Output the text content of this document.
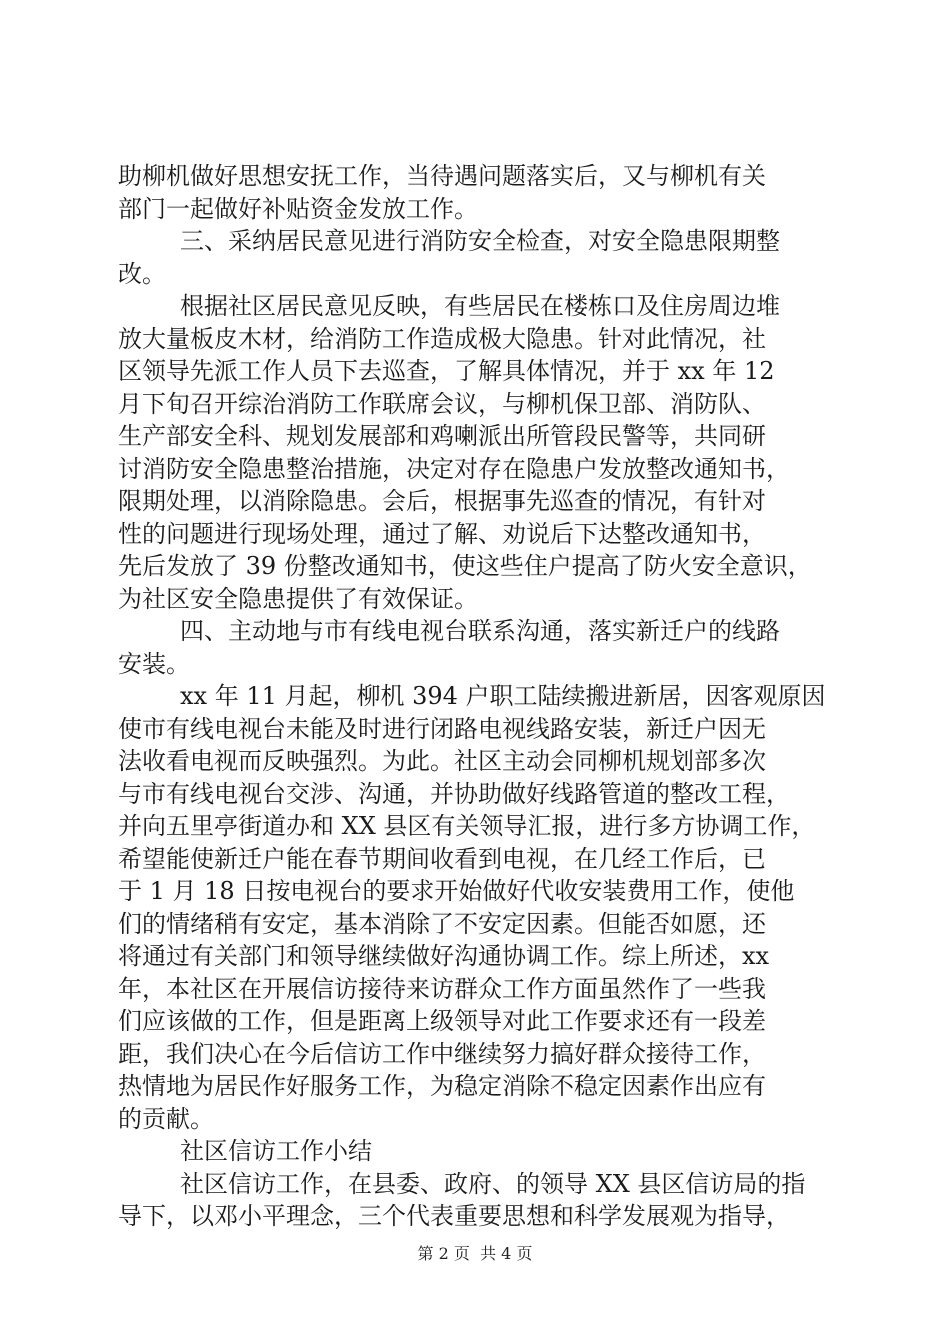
助柳机做好思想安抚工作，当待遇问题落实后，又与柳机有关
部门一起做好补贴资金发放工作。
三、采纳居民意见进行消防安全检查，对安全隐患限期整
改。
根据社区居民意见反映，有些居民在楼栋口及住房周边堆
放大量板皮木材，给消防工作造成极大隐患。针对此情况，社
区领导先派工作人员下去巡查，了解具体情况，并于 xx 年 12
月下旬召开综治消防工作联席会议，与柳机保卫部、消防队、
生产部安全科、规划发展部和鸡喇派出所管段民警等，共同研
讨消防安全隐患整治措施，决定对存在隐患户发放整改通知书，
限期处理，以消除隐患。会后，根据事先巡查的情况，有针对
性的问题进行现场处理，通过了解、劝说后下达整改通知书，
先后发放了 39 份整改通知书，使这些住户提高了防火安全意识，
为社区安全隐患提供了有效保证。
四、主动地与市有线电视台联系沟通，落实新迁户的线路
安装。
xx 年 11 月起，柳机 394 户职工陆续搬进新居，因客观原因
使市有线电视台未能及时进行闭路电视线路安装，新迁户因无
法收看电视而反映强烈。为此。社区主动会同柳机规划部多次
与市有线电视台交涉、沟通，并协助做好线路管道的整改工程，
并向五里亭街道办和 XX 县区有关领导汇报，进行多方协调工作，
希望能使新迁户能在春节期间收看到电视，在几经工作后，已
于 1 月 18 日按电视台的要求开始做好代收安装费用工作，使他
们的情绪稍有安定，基本消除了不安定因素。但能否如愿，还
将通过有关部门和领导继续做好沟通协调工作。综上所述，xx
年，本社区在开展信访接待来访群众工作方面虽然作了一些我
们应该做的工作，但是距离上级领导对此工作要求还有一段差
距，我们决心在今后信访工作中继续努力搞好群众接待工作，
热情地为居民作好服务工作，为稳定消除不稳定因素作出应有
的贡献。
社区信访工作小结
社区信访工作，在县委、政府、的领导 XX 县区信访局的指
导下，以邓小平理念，三个代表重要思想和科学发展观为指导，
第 2 页  共 4 页
